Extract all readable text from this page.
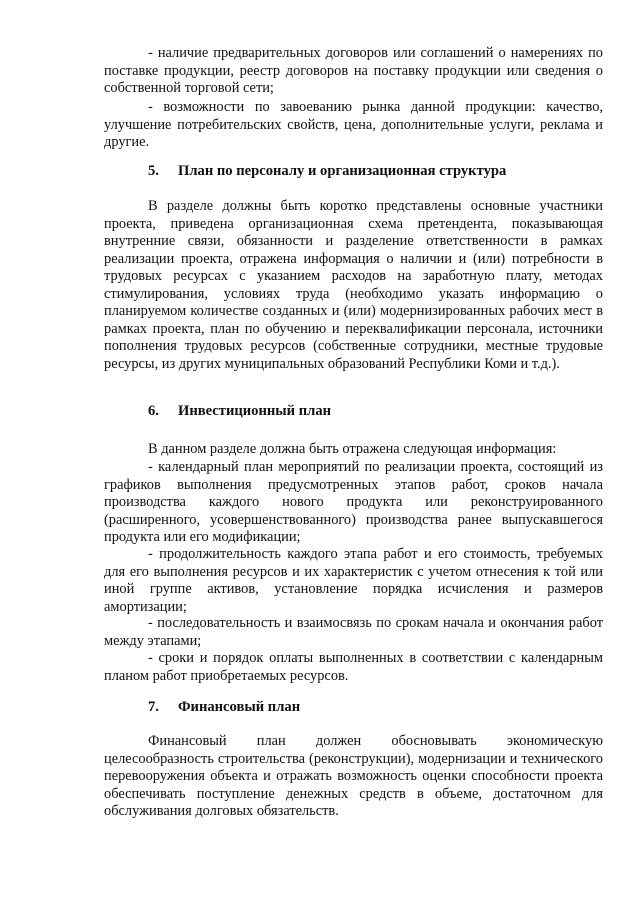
- наличие предварительных договоров или соглашений о намерениях по поставке продукции, реестр договоров на поставку продукции или сведения о собственной торговой сети;

- возможности по завоеванию рынка данной продукции: качество, улучшение потребительских свойств, цена, дополнительные услуги, реклама и другие.

5. План по персоналу и организационная структура

В разделе должны быть коротко представлены основные участники проекта, приведена организационная схема претендента, показывающая внутренние связи, обязанности и разделение ответственности в рамках реализации проекта, отражена информация о наличии и (или) потребности в трудовых ресурсах с указанием расходов на заработную плату, методах стимулирования, условиях труда (необходимо указать информацию о планируемом количестве созданных и (или) модернизированных рабочих мест в рамках проекта, план по обучению и переквалификации персонала, источники пополнения трудовых ресурсов (собственные сотрудники, местные трудовые ресурсы, из других муниципальных образований Республики Коми и т.д.).

6. Инвестиционный план

В данном разделе должна быть отражена следующая информация:

- календарный план мероприятий по реализации проекта, состоящий из графиков выполнения предусмотренных этапов работ, сроков начала производства каждого нового продукта или реконструированного (расширенного, усовершенствованного) производства ранее выпускавшегося продукта или его модификации;

- продолжительность каждого этапа работ и его стоимость, требуемых для его выполнения ресурсов и их характеристик с учетом отнесения к той или иной группе активов, установление порядка исчисления и размеров амортизации;

- последовательность и взаимосвязь по срокам начала и окончания работ между этапами;

- сроки и порядок оплаты выполненных в соответствии с календарным планом работ приобретаемых ресурсов.

7. Финансовый план

Финансовый план должен обосновывать экономическую целесообразность строительства (реконструкции), модернизации и технического перевооружения объекта и отражать возможность оценки способности проекта обеспечивать поступление денежных средств в объеме, достаточном для обслуживания долговых обязательств.
